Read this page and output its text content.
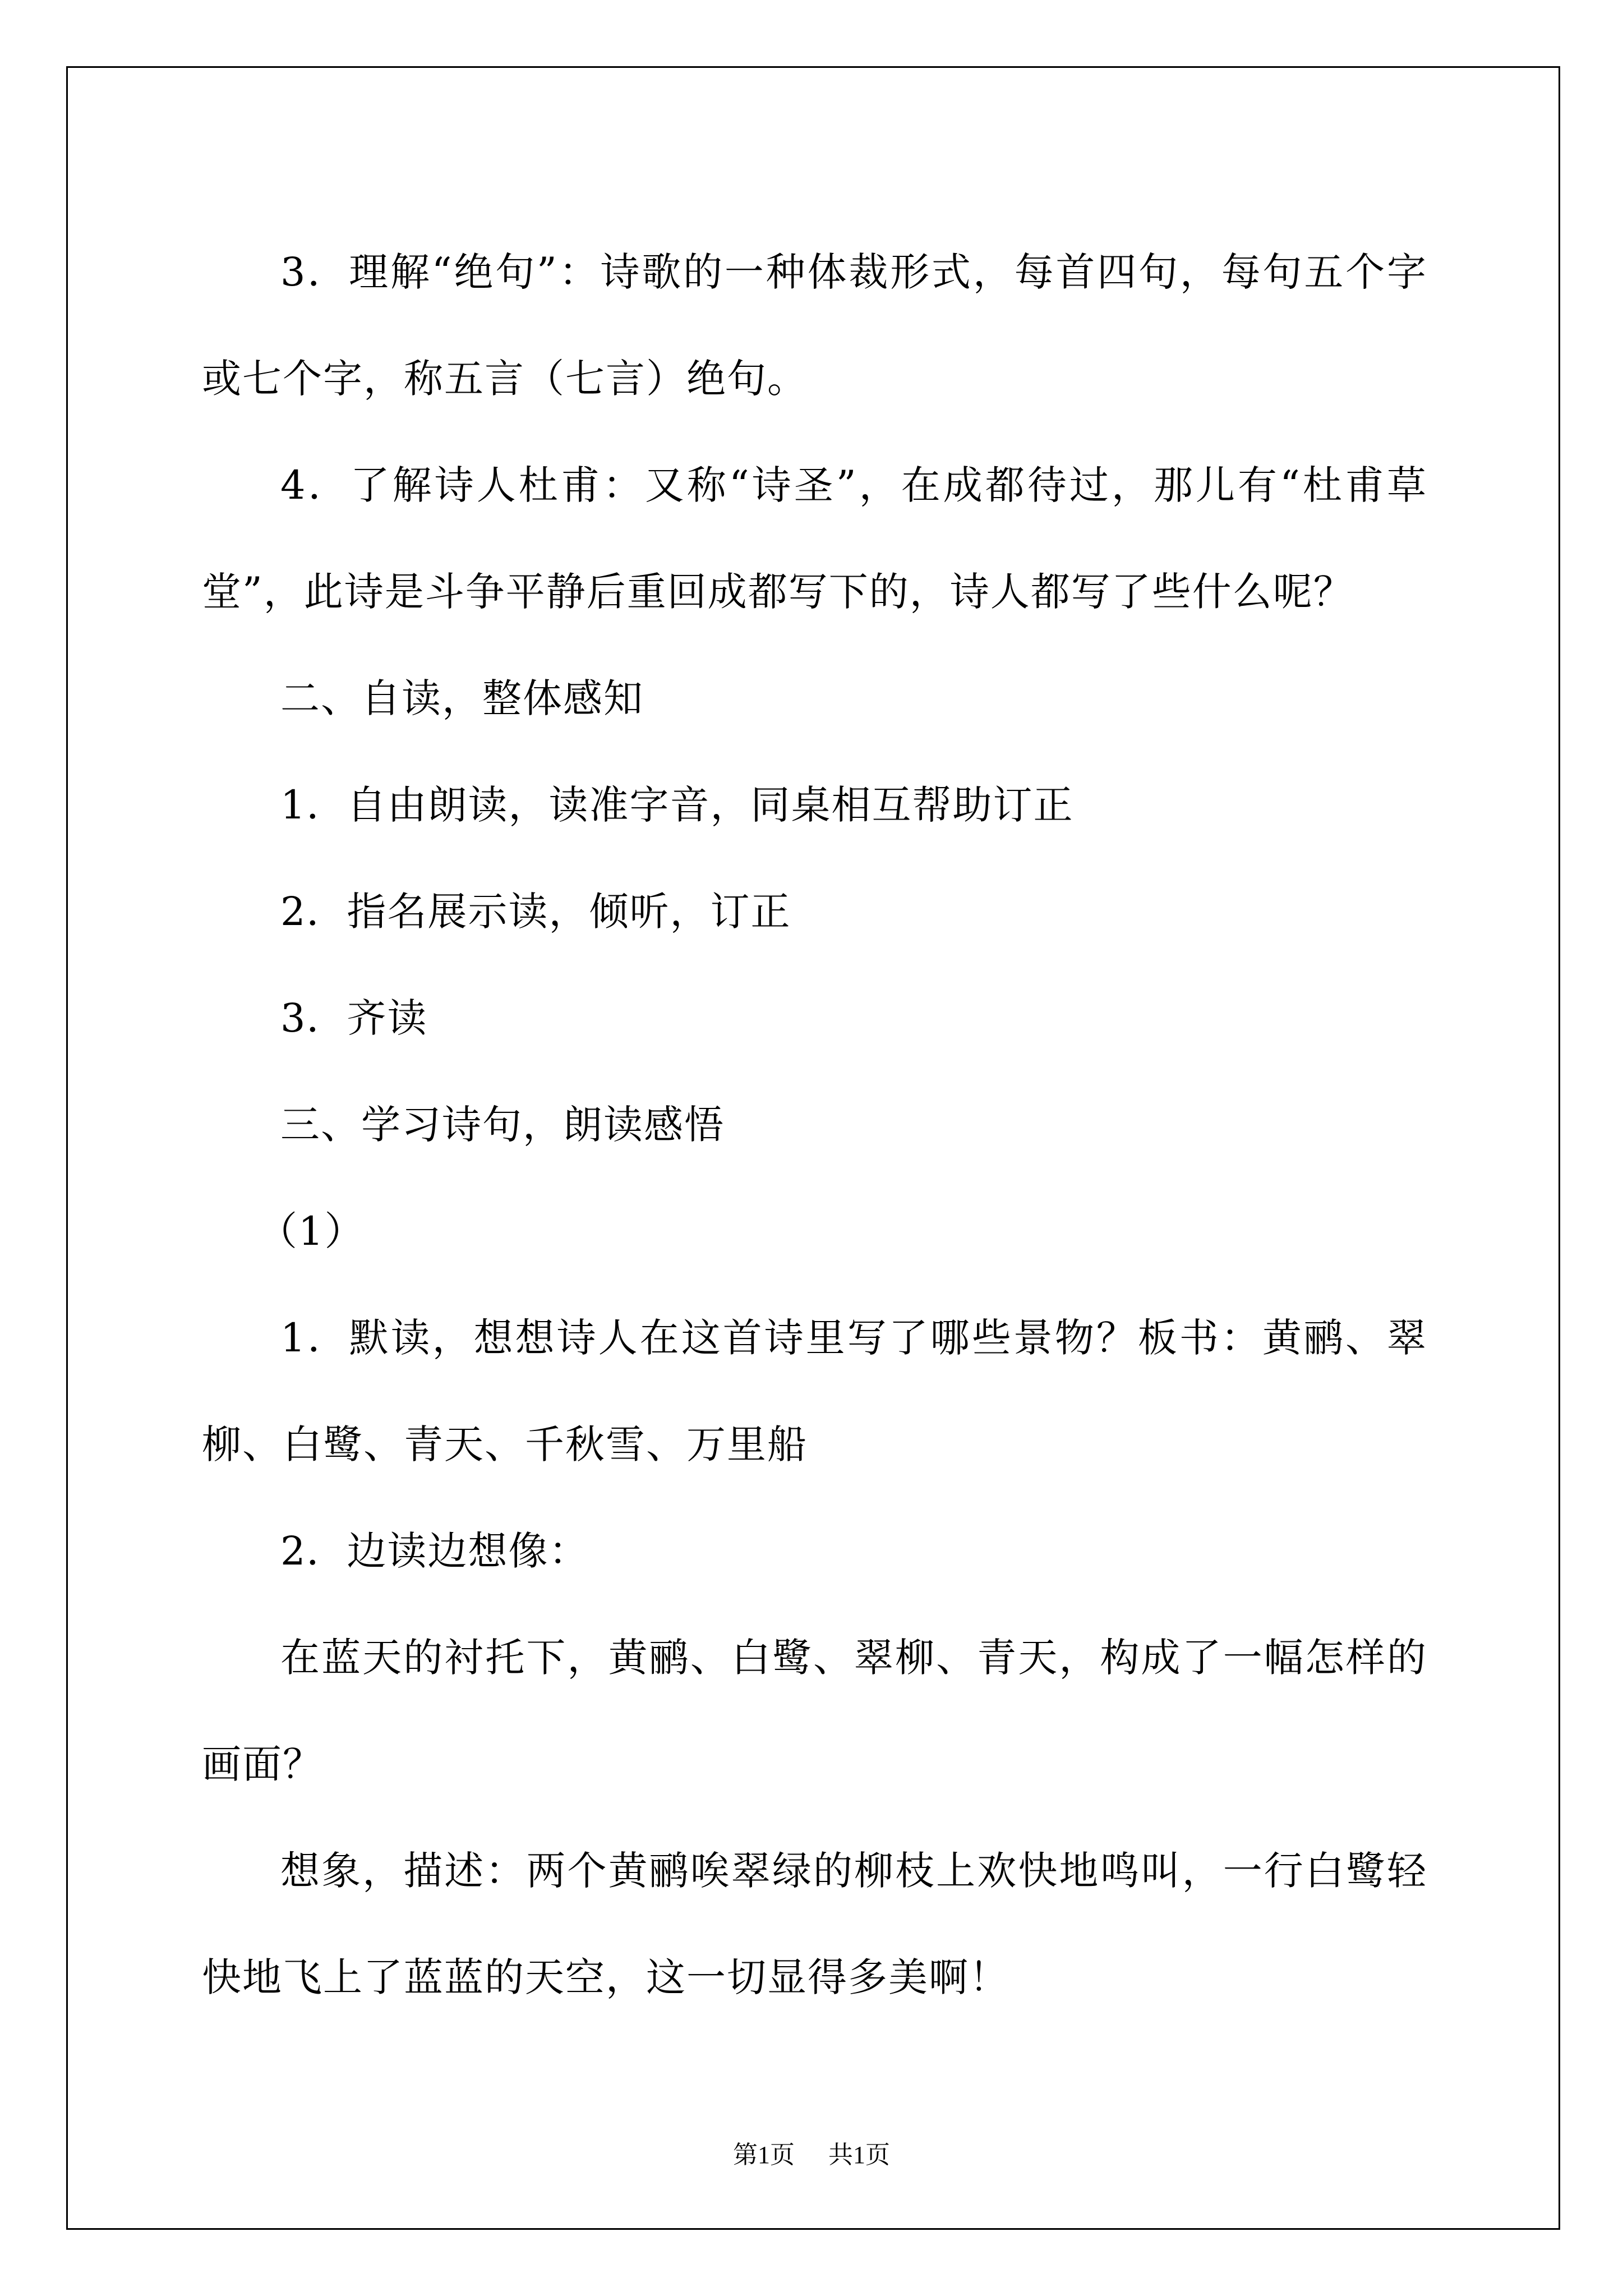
3．理解“绝句”：诗歌的一种体裁形式，每首四句，每句五个字或七个字，称五言（七言）绝句。

4．了解诗人杜甫：又称“诗圣”，在成都待过，那儿有“杜甫草堂”，此诗是斗争平静后重回成都写下的，诗人都写了些什么呢？

二、自读，整体感知

1．自由朗读，读准字音，同桌相互帮助订正

2．指名展示读，倾听，订正

3．齐读

三、学习诗句，朗读感悟

（1）

1．默读，想想诗人在这首诗里写了哪些景物？板书：黄鹂、翠柳、白鹭、青天、千秋雪、万里船

2．边读边想像：

在蓝天的衬托下，黄鹂、白鹭、翠柳、青天，构成了一幅怎样的画面？

想象，描述：两个黄鹂唉翠绿的柳枝上欢快地鸣叫，一行白鹭轻快地飞上了蓝蓝的天空，这一切显得多美啊！

第1页 共1页
